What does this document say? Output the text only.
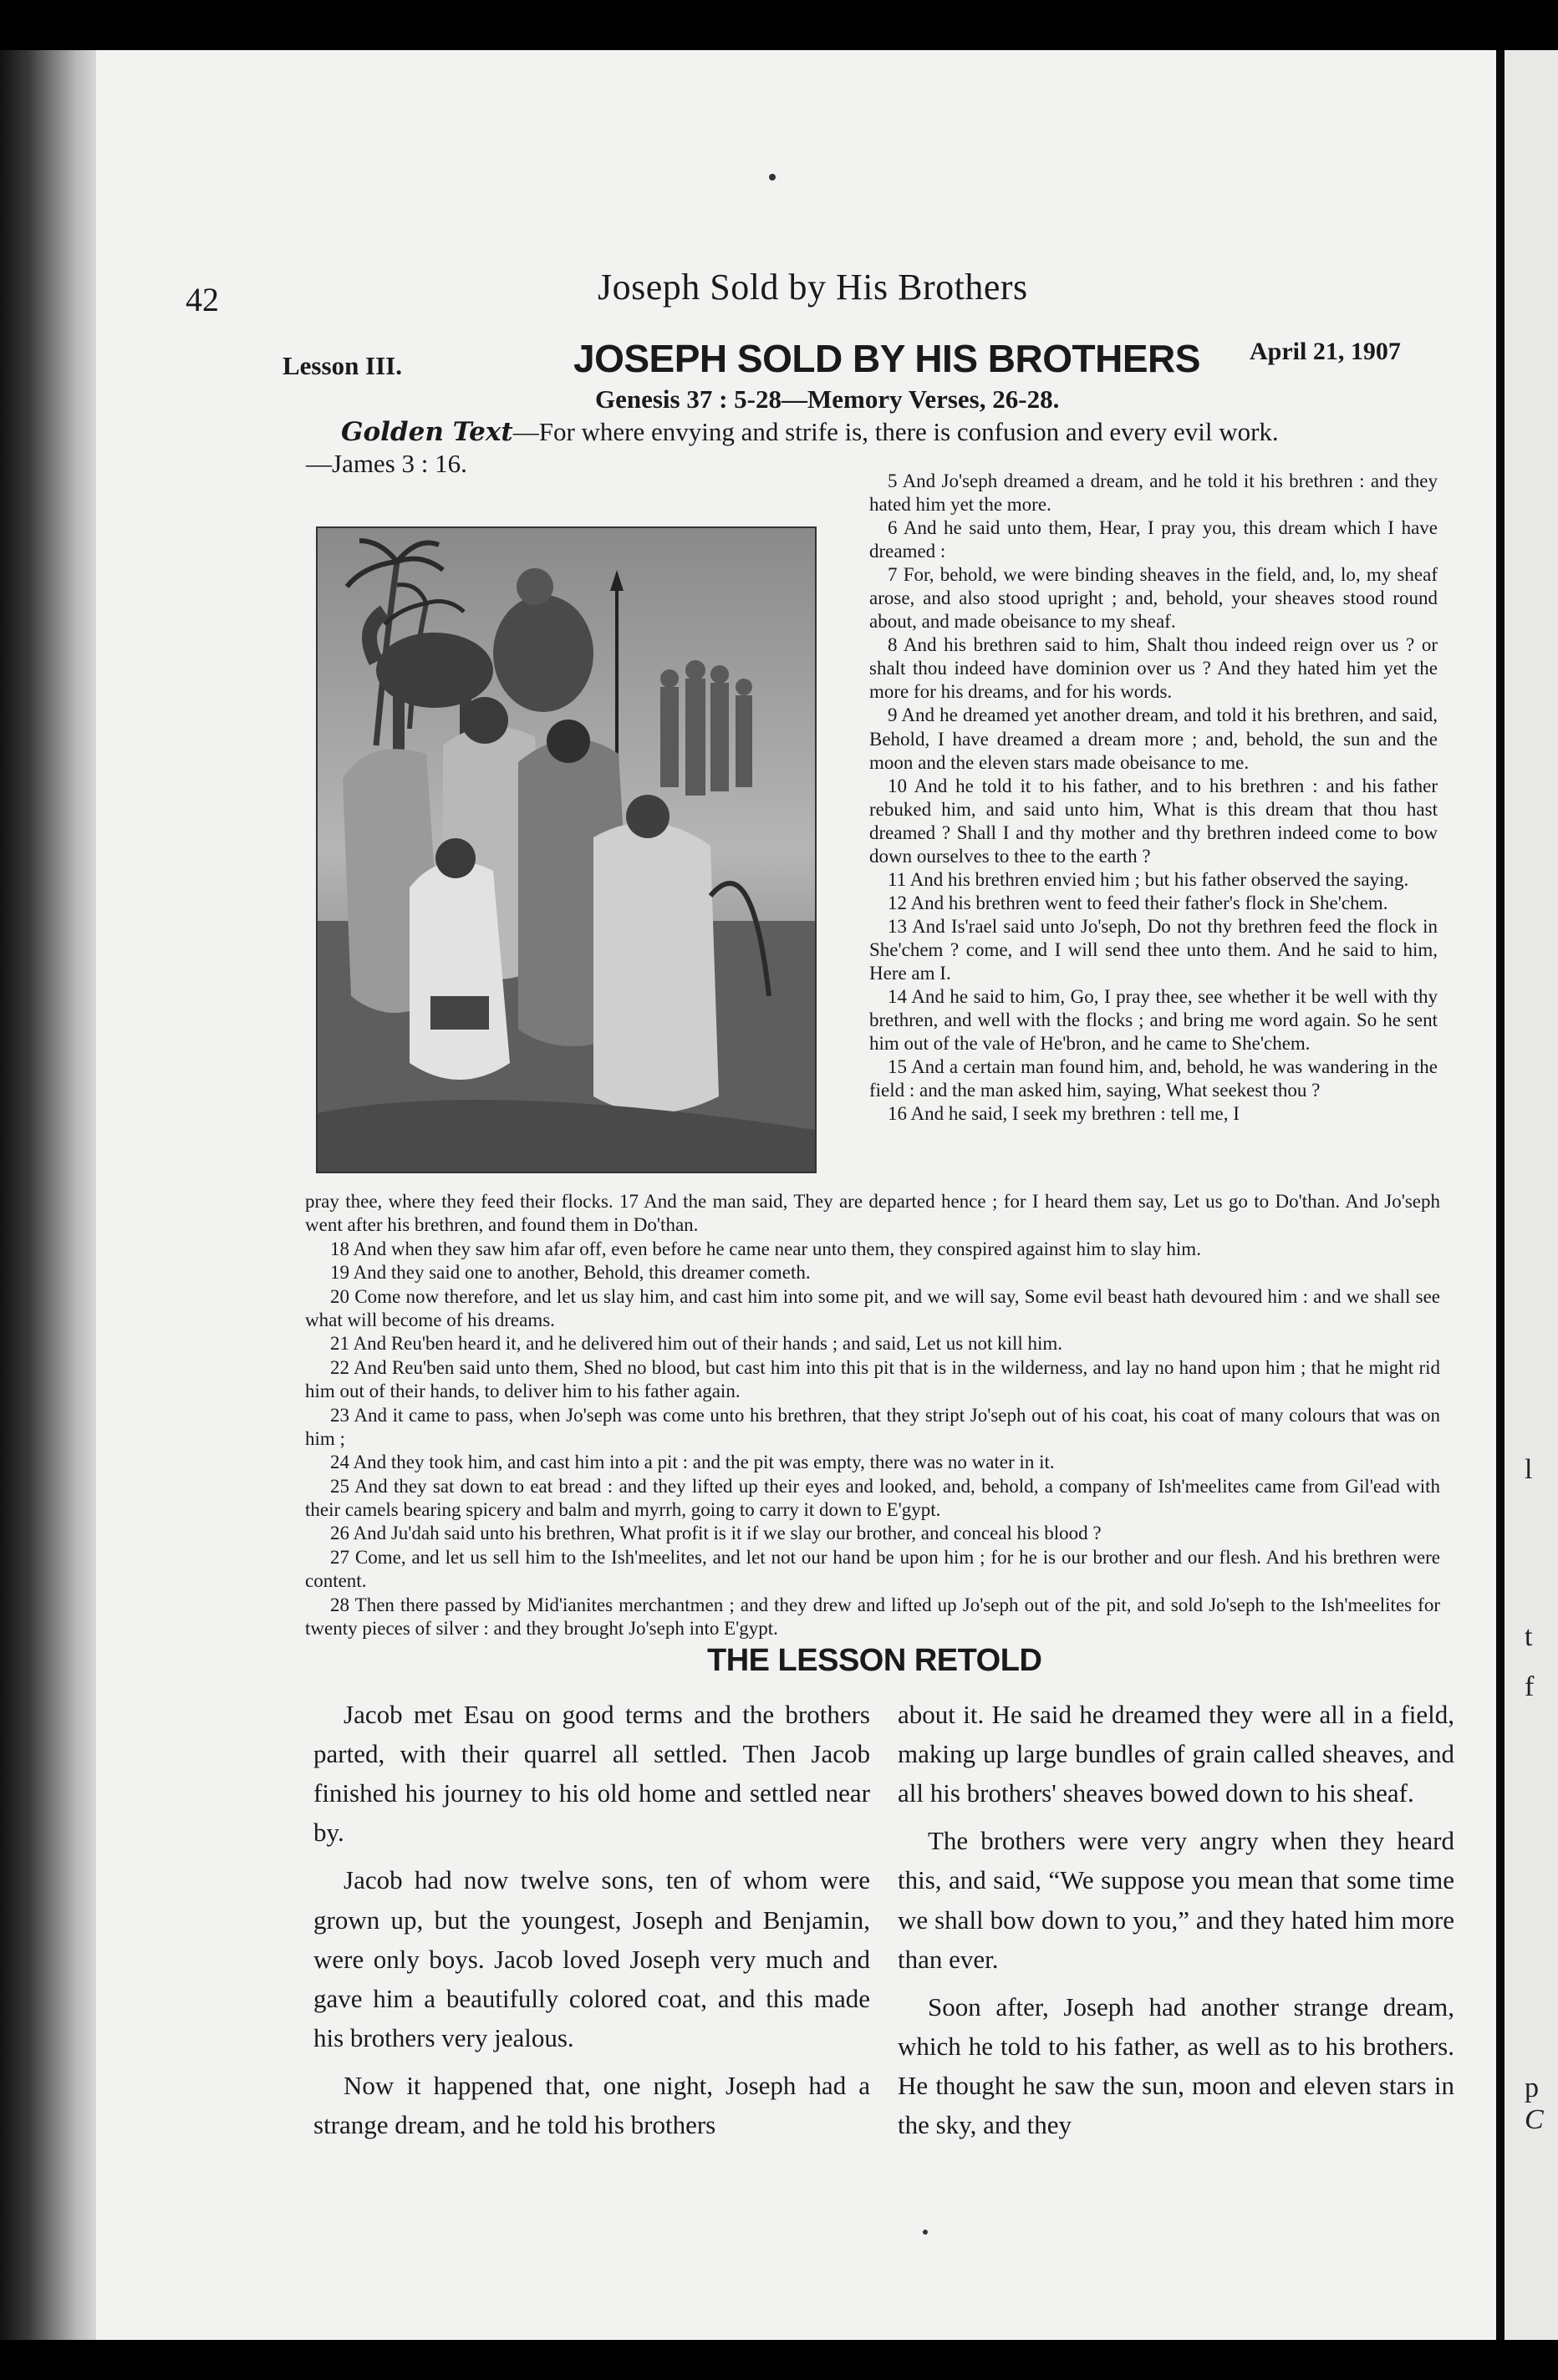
l
t
f
p
C
42	Joseph Sold by His Brothers
Lesson III.	JOSEPH SOLD BY HIS BROTHERS April 21, 1907
Genesis 37 : 5-28—Memory Verses, 26-28.
Golden Text—For where envying and strife is, there is confusion and every evil work.
—James 3 : 16.

5 And Jo'seph dreamed a dream, and he told it his brethren : and they hated him yet the more.

6 And he said unto them, Hear, I pray you, this dream which I have dreamed :

7 For, behold, we were binding sheaves in the field, and, lo, my sheaf arose, and also stood upright ; and, behold, your sheaves stood round about, and made obeisance to my sheaf.

8 And his brethren said to him, Shalt thou indeed reign over us ? or shalt thou indeed have dominion over us ? And they hated him yet the more for his dreams, and for his words.

9 And he dreamed yet another dream, and told it his brethren, and said, Behold, I have dreamed a dream more ; and, behold, the sun and the moon and the eleven stars made obeisance to me.

10 And he told it to his father, and to his brethren : and his father rebuked him, and said unto him, What is this dream that thou hast dreamed ? Shall I and thy mother and thy brethren indeed come to bow down ourselves to thee to the earth ?

11 And his brethren envied him ; but his father observed the saying.

12 And his brethren went to feed their father's flock in She'chem.

13 And Is'rael said unto Jo'seph, Do not thy brethren feed the flock in She'chem ? come, and I will send thee unto them. And he said to him, Here am I.

14 And he said to him, Go, I pray thee, see whether it be well with thy brethren, and well with the flocks ; and bring me word again. So he sent him out of the vale of He'bron, and he came to She'chem.

15 And a certain man found him, and, behold, he was wandering in the field : and the man asked him, saying, What seekest thou ?

16 And he said, I seek my brethren : tell me, I

pray thee, where they feed their flocks. 17 And the man said, They are departed hence ; for I heard them say, Let us go to Do'than. And Jo'seph went after his brethren, and found them in Do'than.

18 And when they saw him afar off, even before he came near unto them, they conspired against him to slay him.

19 And they said one to another, Behold, this dreamer cometh.

20 Come now therefore, and let us slay him, and cast him into some pit, and we will say, Some evil beast hath devoured him : and we shall see what will become of his dreams.

21 And Reu'ben heard it, and he delivered him out of their hands ; and said, Let us not kill him.

22 And Reu'ben said unto them, Shed no blood, but cast him into this pit that is in the wilderness, and lay no hand upon him ; that he might rid him out of their hands, to deliver him to his father again.

23 And it came to pass, when Jo'seph was come unto his brethren, that they stript Jo'seph out of his coat, his coat of many colours that was on him ;

24 And they took him, and cast him into a pit : and the pit was empty, there was no water in it.

25 And they sat down to eat bread : and they lifted up their eyes and looked, and, behold, a company of Ish'meelites came from Gil'ead with their camels bearing spicery and balm and myrrh, going to carry it down to E'gypt.

26 And Ju'dah said unto his brethren, What profit is it if we slay our brother, and conceal his blood ?

27 Come, and let us sell him to the Ish'meelites, and let not our hand be upon him ; for he is our brother and our flesh. And his brethren were content.

28 Then there passed by Mid'ianites merchantmen ; and they drew and lifted up Jo'seph out of the pit, and sold Jo'seph to the Ish'meelites for twenty pieces of silver : and they brought Jo'seph into E'gypt.

THE LESSON RETOLD

Jacob met Esau on good terms and the brothers parted, with their quarrel all settled. Then Jacob finished his journey to his old home and settled near by.

Jacob had now twelve sons, ten of whom were grown up, but the youngest, Joseph and Benjamin, were only boys. Jacob loved Joseph very much and gave him a beautifully colored coat, and this made his brothers very jealous.

Now it happened that, one night, Joseph had a strange dream, and he told his brothers

about it. He said he dreamed they were all in a field, making up large bundles of grain called sheaves, and all his brothers' sheaves bowed down to his sheaf.

The brothers were very angry when they heard this, and said, “We suppose you mean that some time we shall bow down to you,” and they hated him more than ever.

Soon after, Joseph had another strange dream, which he told to his father, as well as to his brothers. He thought he saw the sun, moon and eleven stars in the sky, and they
